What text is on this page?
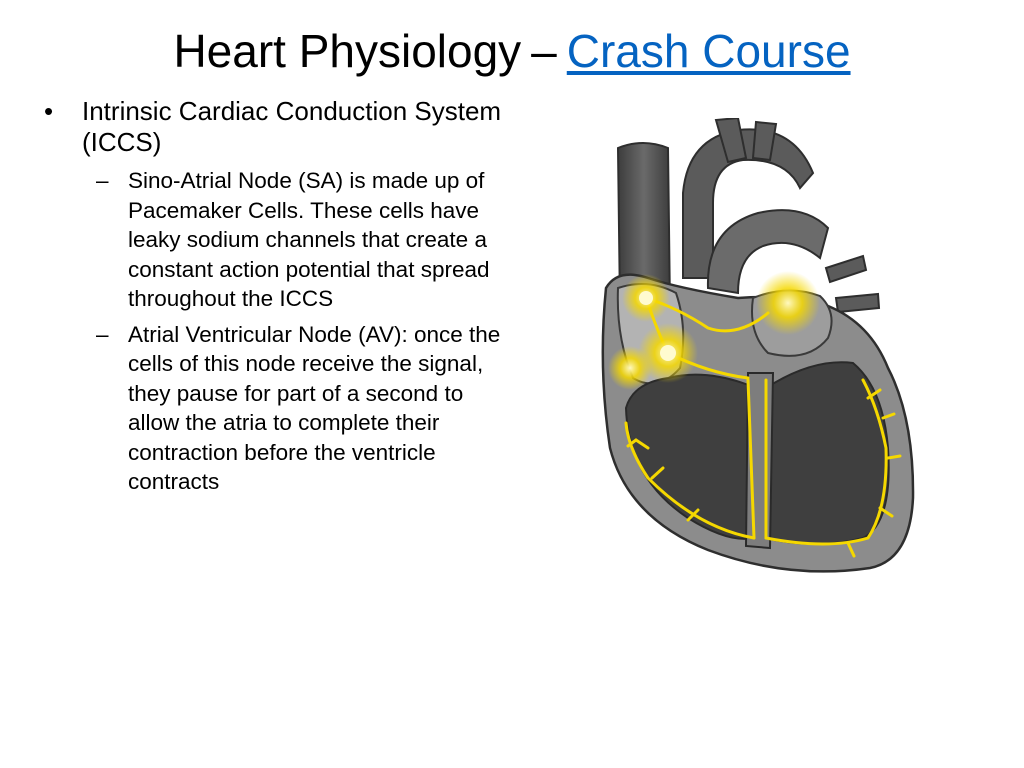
Heart Physiology – Crash Course
• Intrinsic Cardiac Conduction System (ICCS)
– Sino-Atrial Node (SA) is made up of Pacemaker Cells. These cells have leaky sodium channels that create a constant action potential that spread throughout the ICCS
– Atrial Ventricular Node (AV): once the cells of this node receive the signal, they pause for part of a second to allow the atria to complete their contraction before the ventricle contracts
